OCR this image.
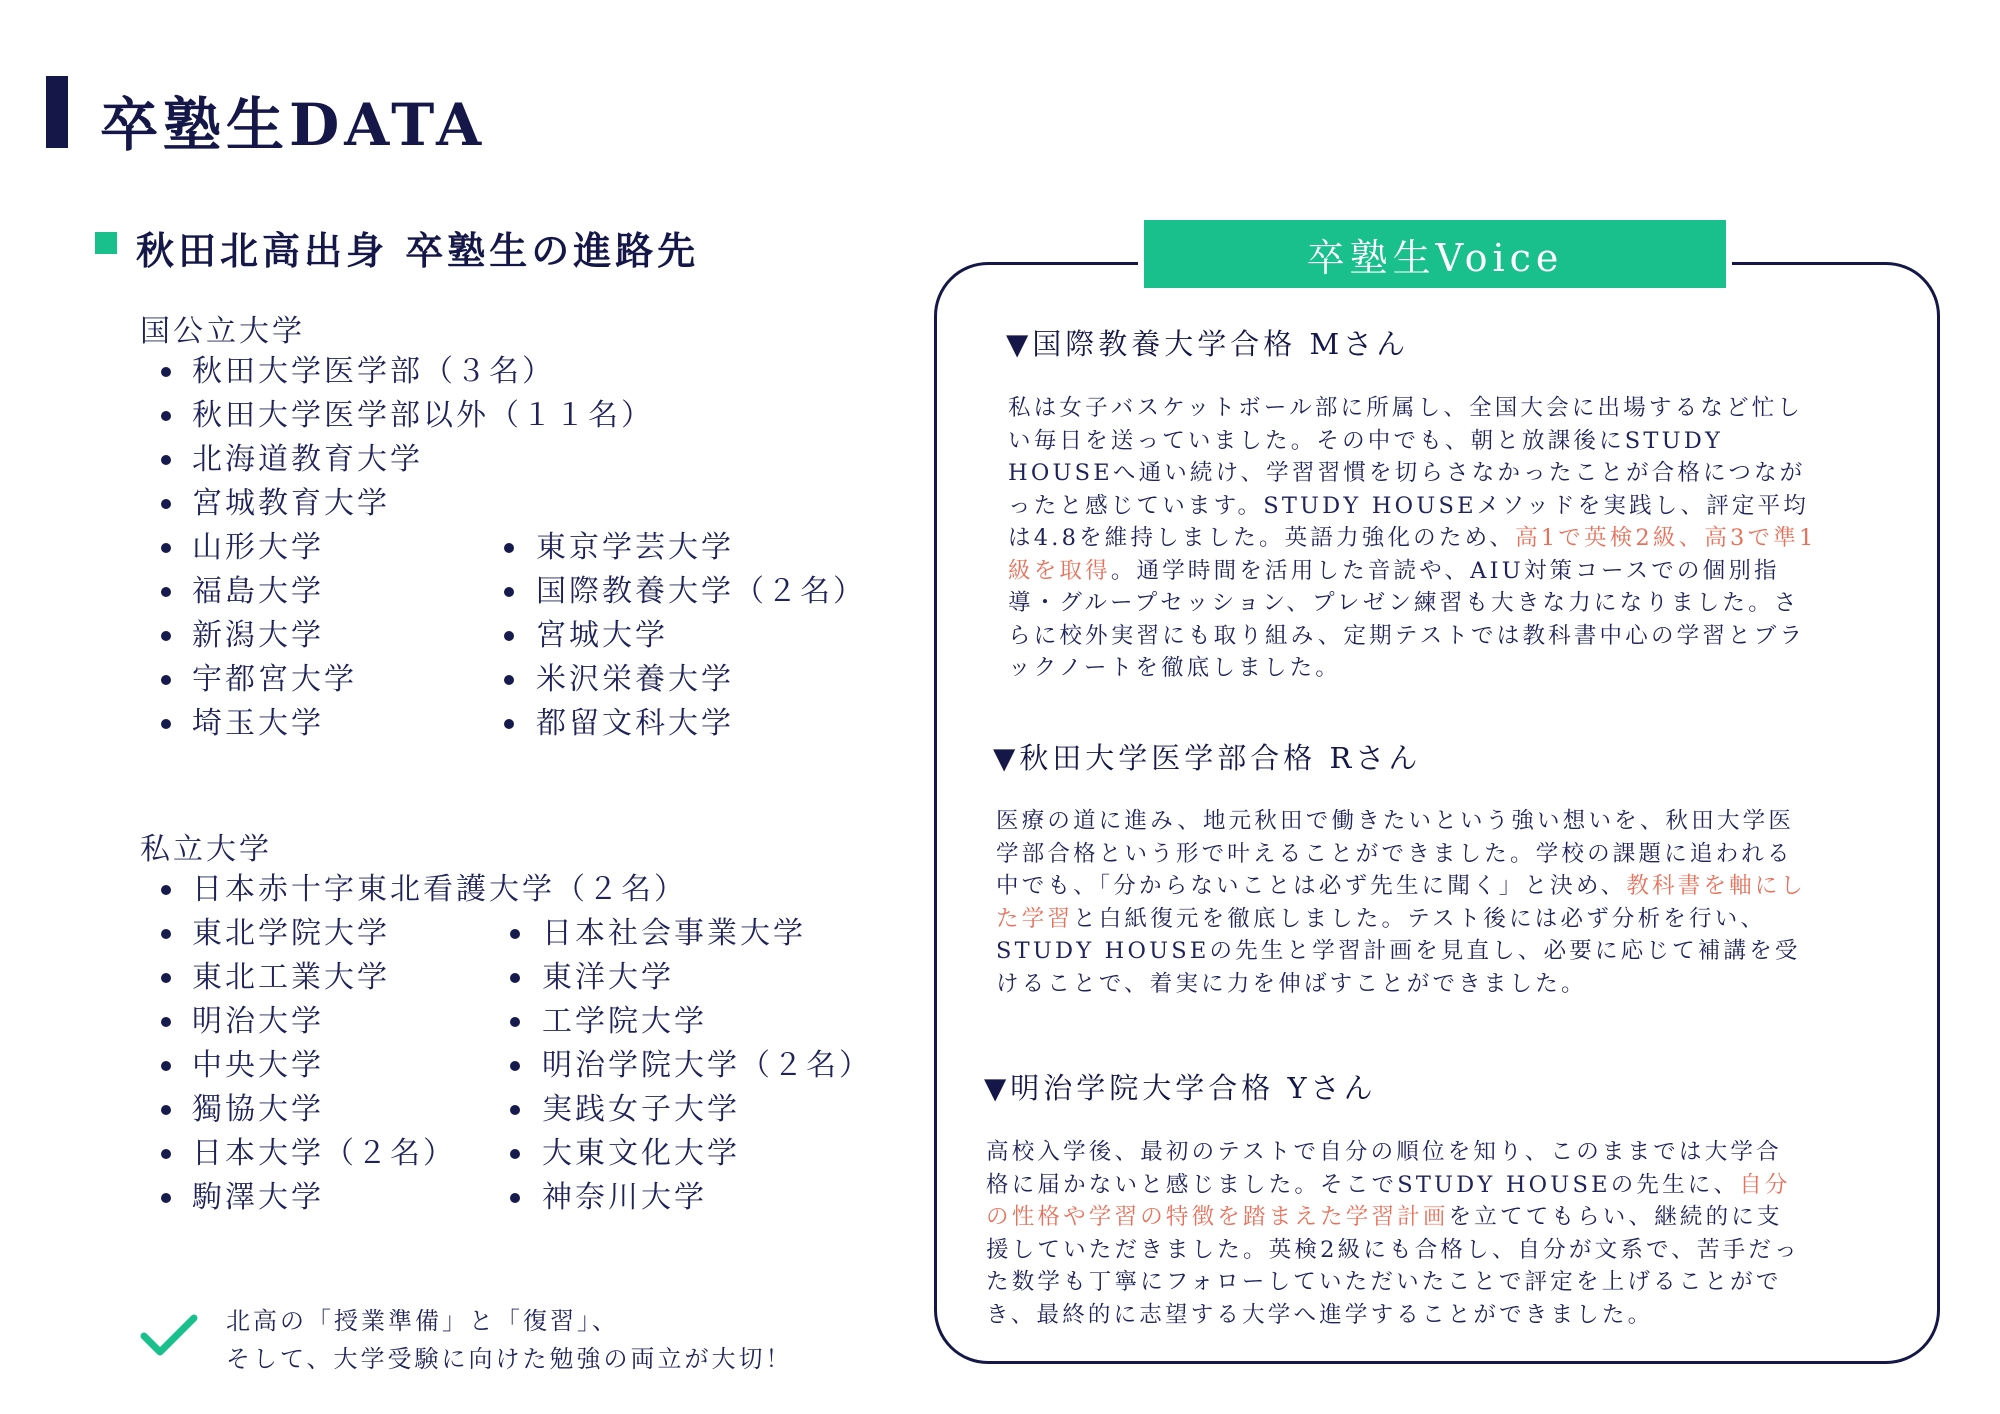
卒塾生DATA
秋田北高出身 卒塾生の進路先
国公立大学
秋田大学医学部（３名）
秋田大学医学部以外（１１名）
北海道教育大学
宮城教育大学
山形大学
福島大学
新潟大学
宇都宮大学
埼玉大学
東京学芸大学
国際教養大学（２名）
宮城大学
米沢栄養大学
都留文科大学
私立大学
日本赤十字東北看護大学（２名）
東北学院大学
東北工業大学
明治大学
中央大学
獨協大学
日本大学（２名）
駒澤大学
日本社会事業大学
東洋大学
工学院大学
明治学院大学（２名）
実践女子大学
大東文化大学
神奈川大学
北高の「授業準備」と「復習」、
そして、大学受験に向けた勉強の両立が大切！
卒塾生Voice
▼国際教養大学合格 Mさん
私は女子バスケットボール部に所属し、全国大会に出場するなど忙し
い毎日を送っていました。その中でも、朝と放課後にSTUDY
HOUSEへ通い続け、学習習慣を切らさなかったことが合格につなが
ったと感じています。STUDY HOUSEメソッドを実践し、評定平均
は4.8を維持しました。英語力強化のため、高1で英検2級、高3で準1
級を取得。通学時間を活用した音読や、AIU対策コースでの個別指
導・グループセッション、プレゼン練習も大きな力になりました。さ
らに校外実習にも取り組み、定期テストでは教科書中心の学習とブラ
ックノートを徹底しました。
▼秋田大学医学部合格 Rさん
医療の道に進み、地元秋田で働きたいという強い想いを、秋田大学医
学部合格という形で叶えることができました。学校の課題に追われる
中でも、「分からないことは必ず先生に聞く」と決め、教科書を軸にし
た学習と白紙復元を徹底しました。テスト後には必ず分析を行い、
STUDY HOUSEの先生と学習計画を見直し、必要に応じて補講を受
けることで、着実に力を伸ばすことができました。
▼明治学院大学合格 Yさん
高校入学後、最初のテストで自分の順位を知り、このままでは大学合
格に届かないと感じました。そこでSTUDY HOUSEの先生に、自分
の性格や学習の特徴を踏まえた学習計画を立ててもらい、継続的に支
援していただきました。英検2級にも合格し、自分が文系で、苦手だっ
た数学も丁寧にフォローしていただいたことで評定を上げることがで
き、最終的に志望する大学へ進学することができました。
